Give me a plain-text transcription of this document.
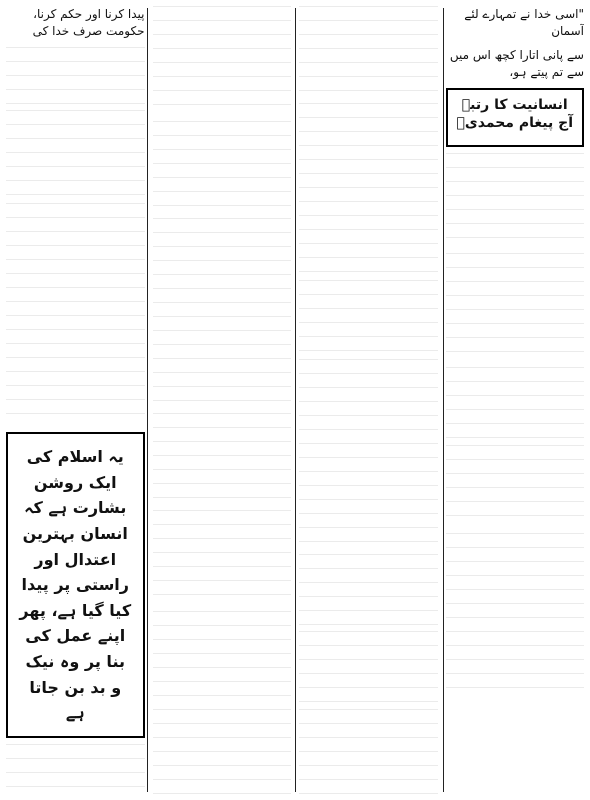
"اسی خدا نے تمہارے لئے آسمان
سے پانی اتارا کچھ اس میں سے تم پیتے ہو،
انسانیت کا رتبہ آج پیغام محمدیؐ
پیدا کرنا اور حکم کرنا، حکومت صرف خدا کی
یہ اسلام کی ایک روشن بشارت ہے کہ انسان بہترین اعتدال اور راستی پر پیدا کیا گیا ہے، پھر اپنے عمل کی بنا پر وہ نیک و بد بن جاتا ہے
